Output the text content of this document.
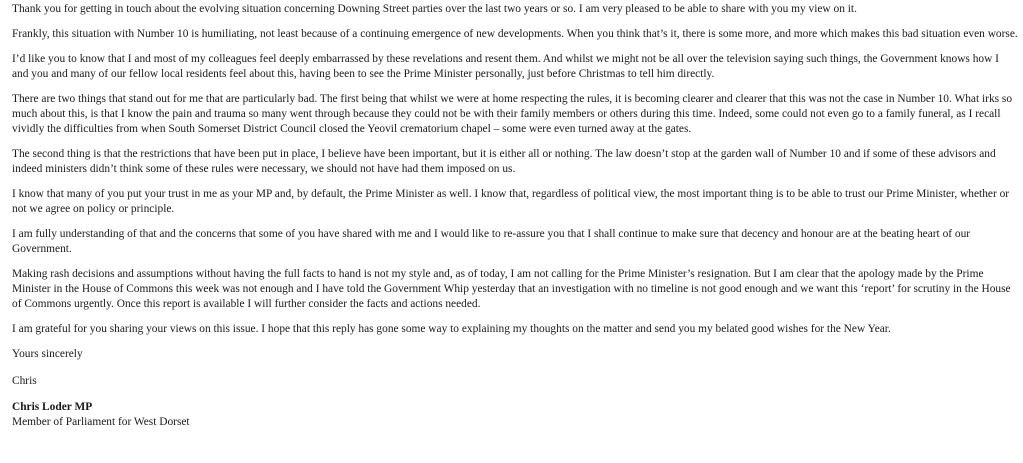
Thank you for getting in touch about the evolving situation concerning Downing Street parties over the last two years or so. I am very pleased to be able to share with you my view on it.

Frankly, this situation with Number 10 is humiliating, not least because of a continuing emergence of new developments. When you think that’s it, there is some more, and more which makes this bad situation even worse.

I’d like you to know that I and most of my colleagues feel deeply embarrassed by these revelations and resent them. And whilst we might not be all over the television saying such things, the Government knows how I and you and many of our fellow local residents feel about this, having been to see the Prime Minister personally, just before Christmas to tell him directly.

There are two things that stand out for me that are particularly bad. The first being that whilst we were at home respecting the rules, it is becoming clearer and clearer that this was not the case in Number 10. What irks so much about this, is that I know the pain and trauma so many went through because they could not be with their family members or others during this time. Indeed, some could not even go to a family funeral, as I recall vividly the difficulties from when South Somerset District Council closed the Yeovil crematorium chapel – some were even turned away at the gates.

The second thing is that the restrictions that have been put in place, I believe have been important, but it is either all or nothing. The law doesn’t stop at the garden wall of Number 10 and if some of these advisors and indeed ministers didn’t think some of these rules were necessary, we should not have had them imposed on us.

I know that many of you put your trust in me as your MP and, by default, the Prime Minister as well. I know that, regardless of political view, the most important thing is to be able to trust our Prime Minister, whether or not we agree on policy or principle.

I am fully understanding of that and the concerns that some of you have shared with me and I would like to re-assure you that I shall continue to make sure that decency and honour are at the beating heart of our Government.

Making rash decisions and assumptions without having the full facts to hand is not my style and, as of today, I am not calling for the Prime Minister’s resignation. But I am clear that the apology made by the Prime Minister in the House of Commons this week was not enough and I have told the Government Whip yesterday that an investigation with no timeline is not good enough and we want this ‘report’ for scrutiny in the House of Commons urgently. Once this report is available I will further consider the facts and actions needed.

I am grateful for you sharing your views on this issue. I hope that this reply has gone some way to explaining my thoughts on the matter and send you my belated good wishes for the New Year.

Yours sincerely

Chris

Chris Loder MP

Member of Parliament for West Dorset
